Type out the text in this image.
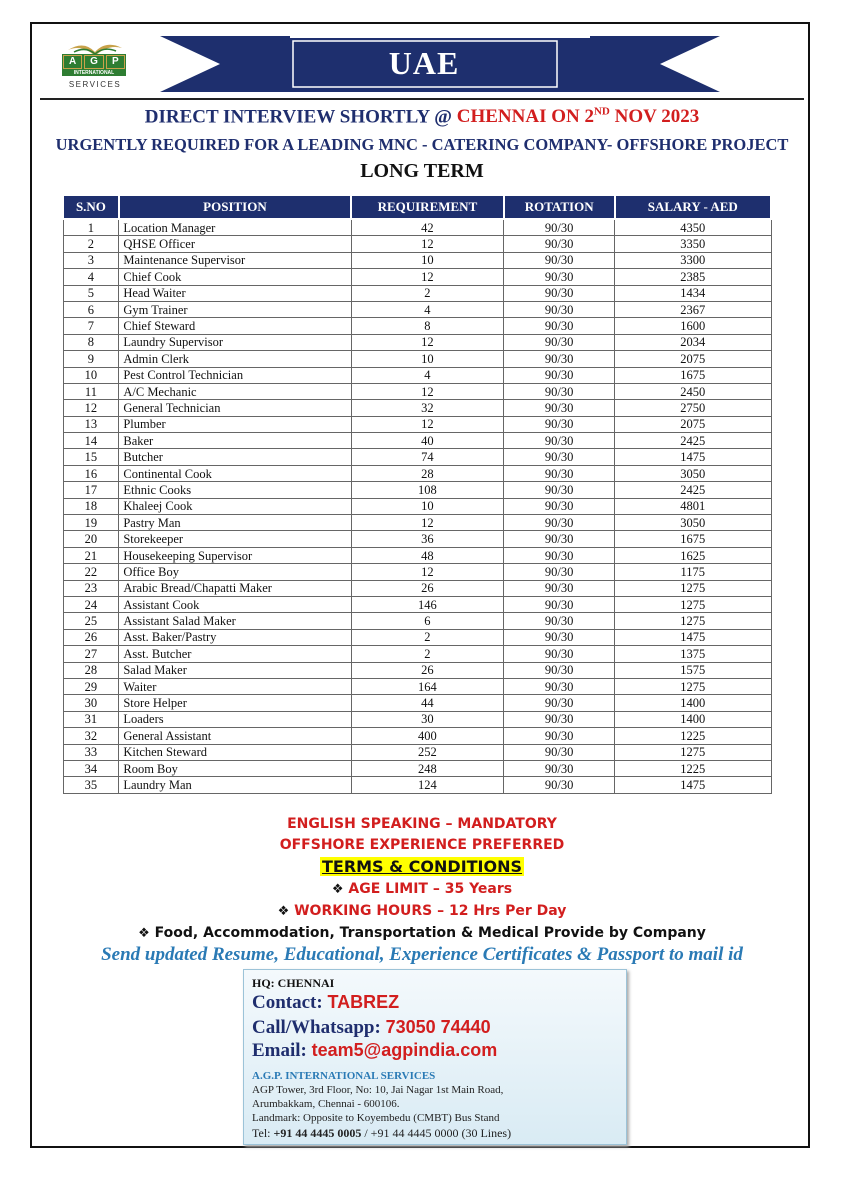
A	G	P
INTERNATIONAL
SERVICES
UAE
DIRECT INTERVIEW SHORTLY @ CHENNAI ON 2ND NOV 2023
URGENTLY REQUIRED FOR A LEADING MNC - CATERING COMPANY- OFFSHORE PROJECT
LONG TERM
S.NO	POSITION	REQUIREMENT	ROTATION	SALARY - AED
1	Location Manager	42	90/30	4350
2	QHSE Officer	12	90/30	3350
3	Maintenance Supervisor	10	90/30	3300
4	Chief Cook	12	90/30	2385
5	Head Waiter	2	90/30	1434
6	Gym Trainer	4	90/30	2367
7	Chief Steward	8	90/30	1600
8	Laundry Supervisor	12	90/30	2034
9	Admin Clerk	10	90/30	2075
10	Pest Control Technician	4	90/30	1675
11	A/C Mechanic	12	90/30	2450
12	General Technician	32	90/30	2750
13	Plumber	12	90/30	2075
14	Baker	40	90/30	2425
15	Butcher	74	90/30	1475
16	Continental Cook	28	90/30	3050
17	Ethnic Cooks	108	90/30	2425
18	Khaleej Cook	10	90/30	4801
19	Pastry Man	12	90/30	3050
20	Storekeeper	36	90/30	1675
21	Housekeeping Supervisor	48	90/30	1625
22	Office Boy	12	90/30	1175
23	Arabic Bread/Chapatti Maker	26	90/30	1275
24	Assistant Cook	146	90/30	1275
25	Assistant Salad Maker	6	90/30	1275
26	Asst. Baker/Pastry	2	90/30	1475
27	Asst. Butcher	2	90/30	1375
28	Salad Maker	26	90/30	1575
29	Waiter	164	90/30	1275
30	Store Helper	44	90/30	1400
31	Loaders	30	90/30	1400
32	General Assistant	400	90/30	1225
33	Kitchen Steward	252	90/30	1275
34	Room Boy	248	90/30	1225
35	Laundry Man	124	90/30	1475
ENGLISH SPEAKING – MANDATORY
OFFSHORE EXPERIENCE PREFERRED
TERMS & CONDITIONS
❖ AGE LIMIT – 35 Years
❖ WORKING HOURS – 12 Hrs Per Day
❖ Food, Accommodation, Transportation & Medical Provide by Company
Send updated Resume, Educational, Experience Certificates & Passport to mail id
HQ: CHENNAI
Contact: TABREZ
Call/Whatsapp: 73050 74440
Email: team5@agpindia.com
A.G.P. INTERNATIONAL SERVICES
AGP Tower, 3rd Floor, No: 10, Jai Nagar 1st Main Road,
Arumbakkam, Chennai - 600106.
Landmark: Opposite to Koyembedu (CMBT) Bus Stand
Tel: +91 44 4445 0005 / +91 44 4445 0000 (30 Lines)
